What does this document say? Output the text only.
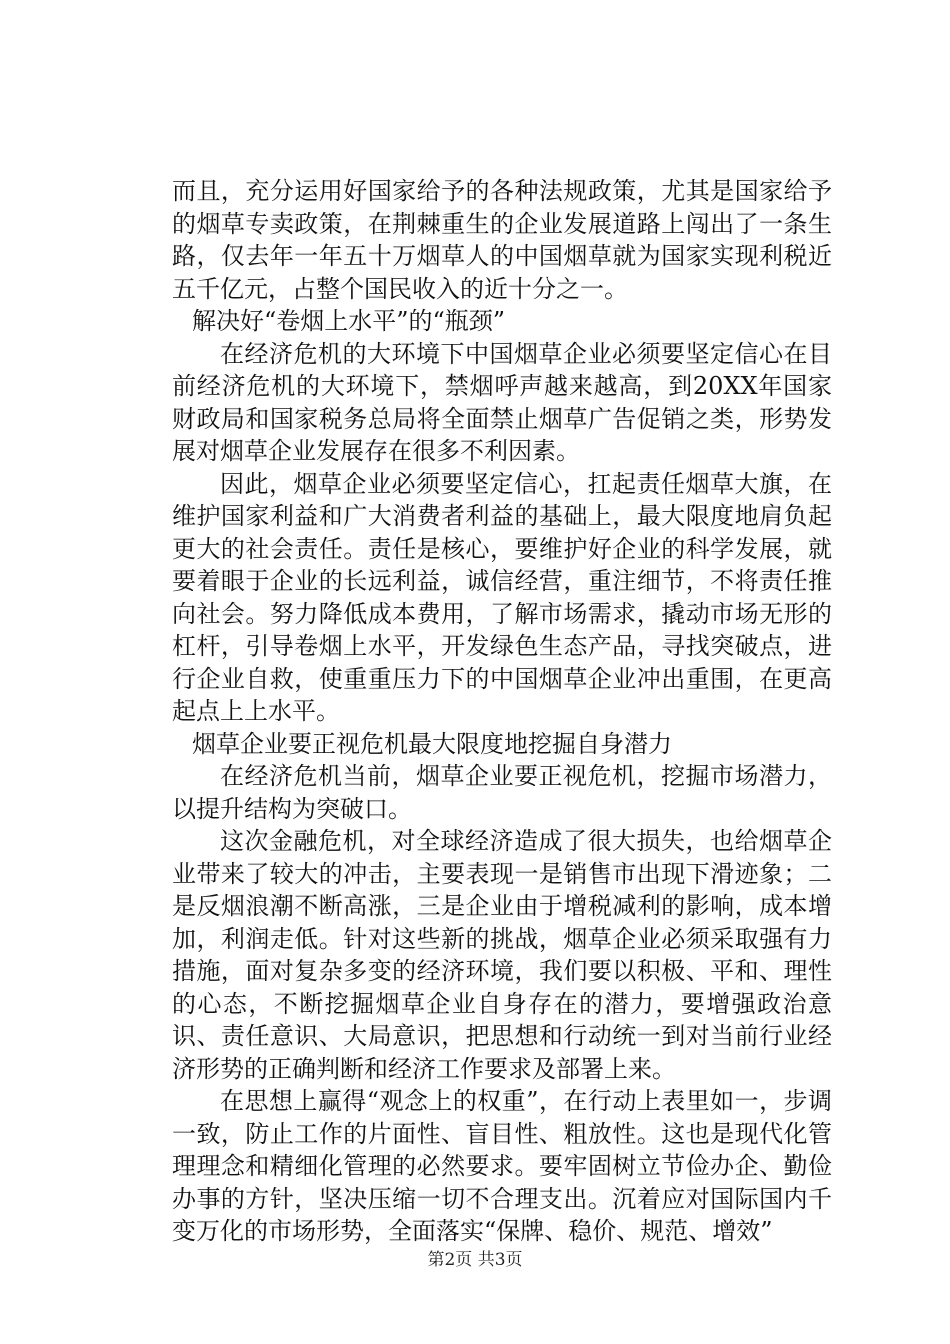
而且，充分运用好国家给予的各种法规政策，尤其是国家给予的烟草专卖政策，在荆棘重生的企业发展道路上闯出了一条生路，仅去年一年五十万烟草人的中国烟草就为国家实现利税近五千亿元，占整个国民收入的近十分之一。

解决好“卷烟上水平”的“瓶颈”

在经济危机的大环境下中国烟草企业必须要坚定信心在目前经济危机的大环境下，禁烟呼声越来越高，到20XX年国家财政局和国家税务总局将全面禁止烟草广告促销之类，形势发展对烟草企业发展存在很多不利因素。

因此，烟草企业必须要坚定信心，扛起责任烟草大旗，在维护国家利益和广大消费者利益的基础上，最大限度地肩负起更大的社会责任。责任是核心，要维护好企业的科学发展，就要着眼于企业的长远利益，诚信经营，重注细节，不将责任推向社会。努力降低成本费用，了解市场需求，撬动市场无形的杠杆，引导卷烟上水平，开发绿色生态产品，寻找突破点，进行企业自救，使重重压力下的中国烟草企业冲出重围，在更高起点上上水平。

烟草企业要正视危机最大限度地挖掘自身潜力

在经济危机当前，烟草企业要正视危机，挖掘市场潜力，以提升结构为突破口。

这次金融危机，对全球经济造成了很大损失，也给烟草企业带来了较大的冲击，主要表现一是销售市出现下滑迹象；二是反烟浪潮不断高涨，三是企业由于增税减利的影响，成本增加，利润走低。针对这些新的挑战，烟草企业必须采取强有力措施，面对复杂多变的经济环境，我们要以积极、平和、理性的心态，不断挖掘烟草企业自身存在的潜力，要增强政治意识、责任意识、大局意识，把思想和行动统一到对当前行业经济形势的正确判断和经济工作要求及部署上来。

在思想上赢得“观念上的权重”，在行动上表里如一，步调一致，防止工作的片面性、盲目性、粗放性。这也是现代化管理理念和精细化管理的必然要求。要牢固树立节俭办企、勤俭办事的方针，坚决压缩一切不合理支出。沉着应对国际国内千变万化的市场形势，全面落实“保牌、稳价、规范、增效”

第2页 共3页
